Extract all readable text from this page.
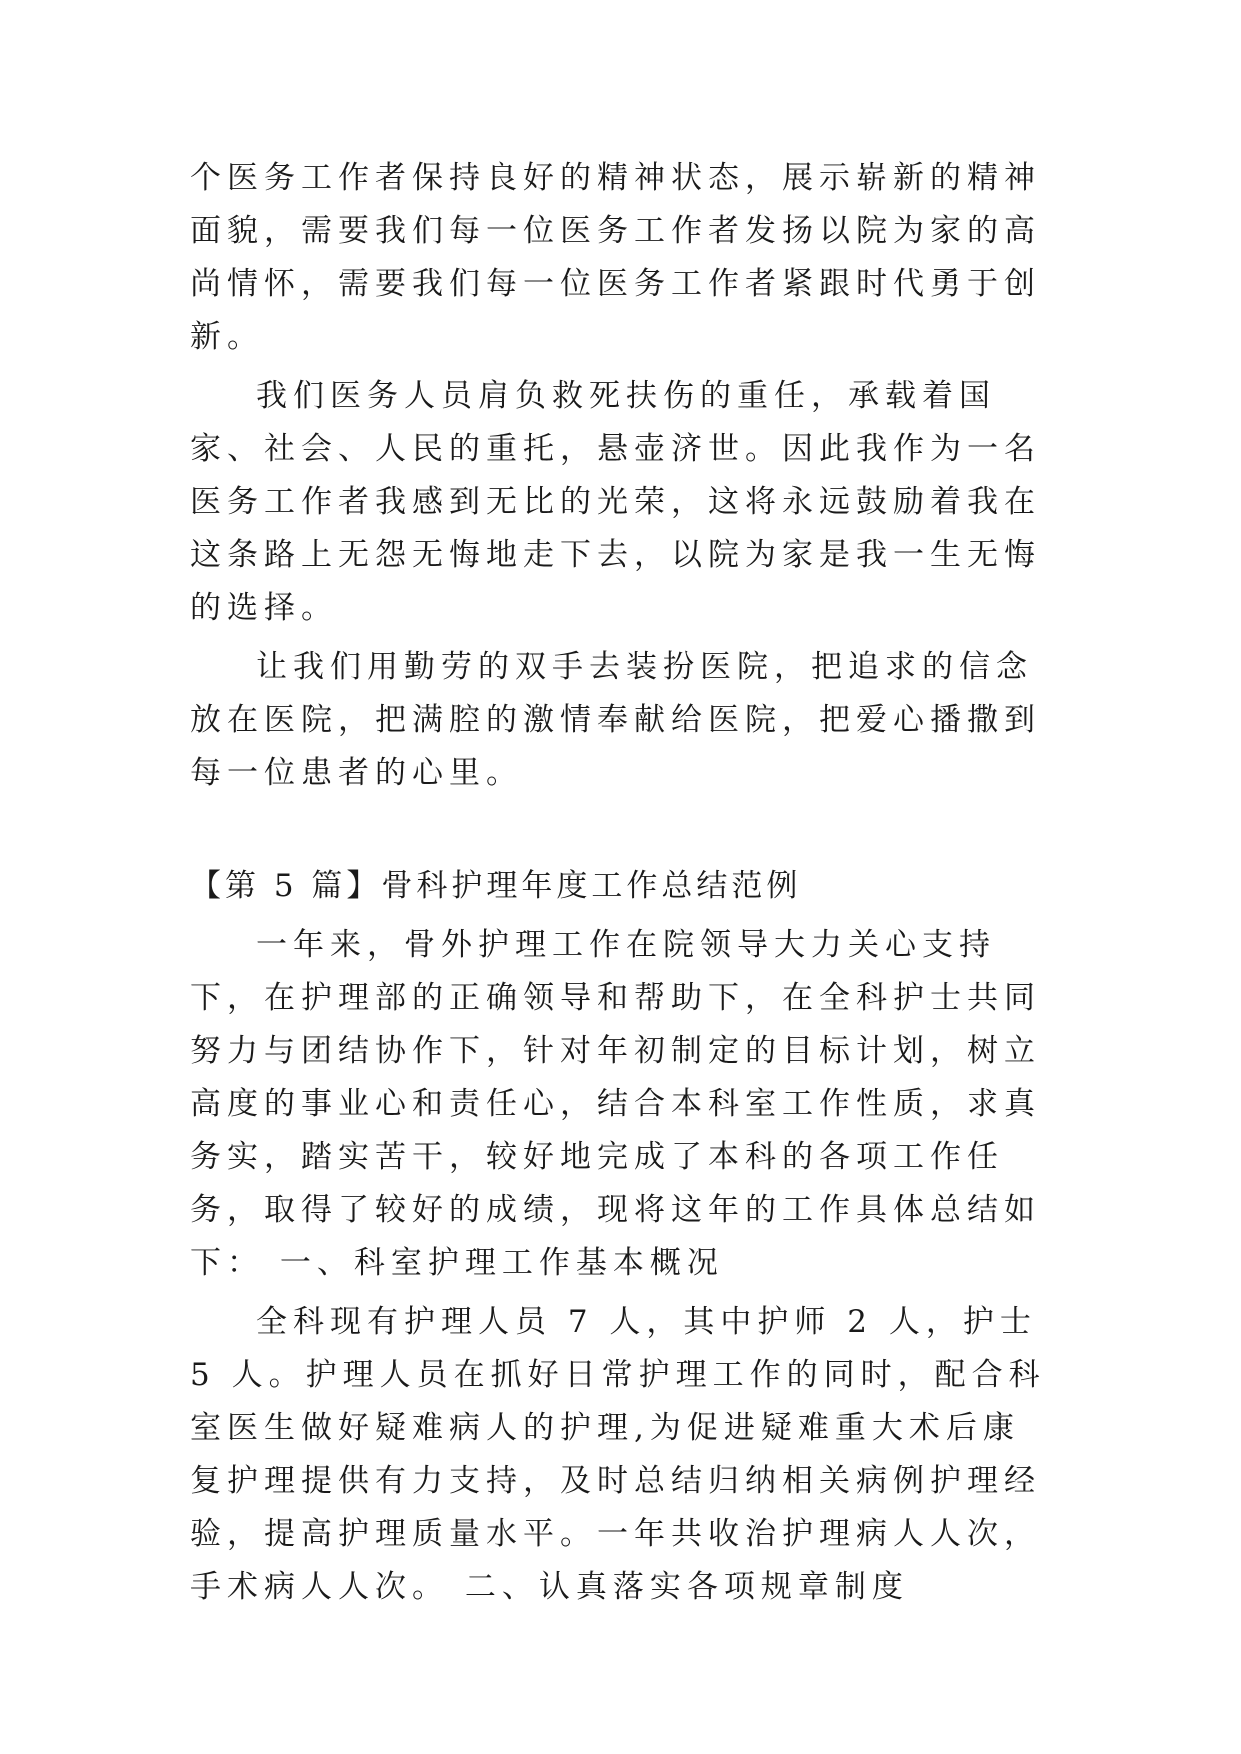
个医务工作者保持良好的精神状态，展示崭新的精神面貌，需要我们每一位医务工作者发扬以院为家的高尚情怀，需要我们每一位医务工作者紧跟时代勇于创新。

我们医务人员肩负救死扶伤的重任，承载着国家、社会、人民的重托，悬壶济世。因此我作为一名医务工作者我感到无比的光荣，这将永远鼓励着我在这条路上无怨无悔地走下去，以院为家是我一生无悔的选择。

让我们用勤劳的双手去装扮医院，把追求的信念放在医院，把满腔的激情奉献给医院，把爱心播撒到每一位患者的心里。

【第 5 篇】骨科护理年度工作总结范例

一年来，骨外护理工作在院领导大力关心支持下，在护理部的正确领导和帮助下，在全科护士共同努力与团结协作下，针对年初制定的目标计划，树立高度的事业心和责任心，结合本科室工作性质，求真务实，踏实苦干，较好地完成了本科的各项工作任务，取得了较好的成绩，现将这年的工作具体总结如下： 一、科室护理工作基本概况

全科现有护理人员 7 人，其中护师 2 人，护士 5 人。护理人员在抓好日常护理工作的同时，配合科室医生做好疑难病人的护理,为促进疑难重大术后康复护理提供有力支持，及时总结归纳相关病例护理经验，提高护理质量水平。一年共收治护理病人人次，手术病人人次。 二、认真落实各项规章制度
